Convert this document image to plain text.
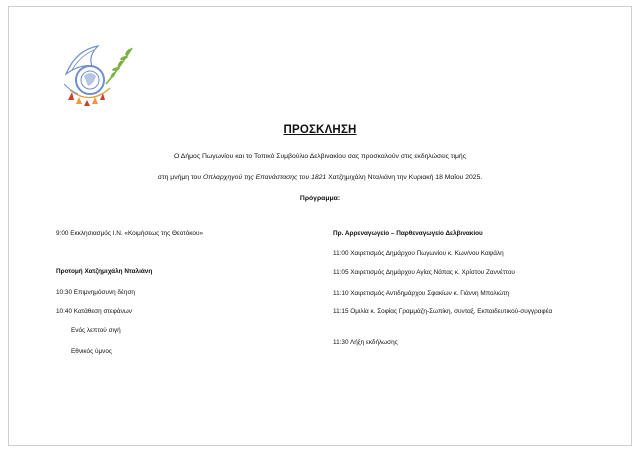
ΠΡΟΣΚΛΗΣΗ
Ο Δήμος Πωγωνίου και το Τοπικό Συμβούλιο Δελβινακίου σας προσκαλούν στις εκδηλώσεις τιμής
στη μνήμη του Οπλαρχηγού της Επανάστασης του 1821 Χατζημιχάλη Νταλιάνη την Κυριακή 18 Μαΐου 2025.
Πρόγραμμα:
9:00 Εκκλησιασμός Ι.Ν. «Κοιμήσεως της Θεοτόκου»
Προτομή Χατζημιχάλη Νταλιάνη
10:30 Επιμνημόσυνη δέηση
10:40 Κατάθεση στεφάνων
Ενός λεπτού σιγή
Εθνικός ύμνος
Πρ. Αρρεναγωγείο – Παρθεναγωγείο Δελβινακίου
11:00 Χαιρετισμός Δημάρχου Πωγωνίου κ. Κων/νου Καψάλη
11:05 Χαιρετισμός Δημάρχου Αγίας Νάπας κ. Χρίστου Ζαννέττου
11:10 Χαιρετισμός Αντιδημάρχου Σφακίων κ. Γιάννη Μπολιώτη
11:15 Ομιλία κ. Σοφίας Γραμμάζη-Σωπίκη, συνταξ. Εκπαιδευτικού-συγγραφέα
11:30 Λήξη εκδήλωσης
